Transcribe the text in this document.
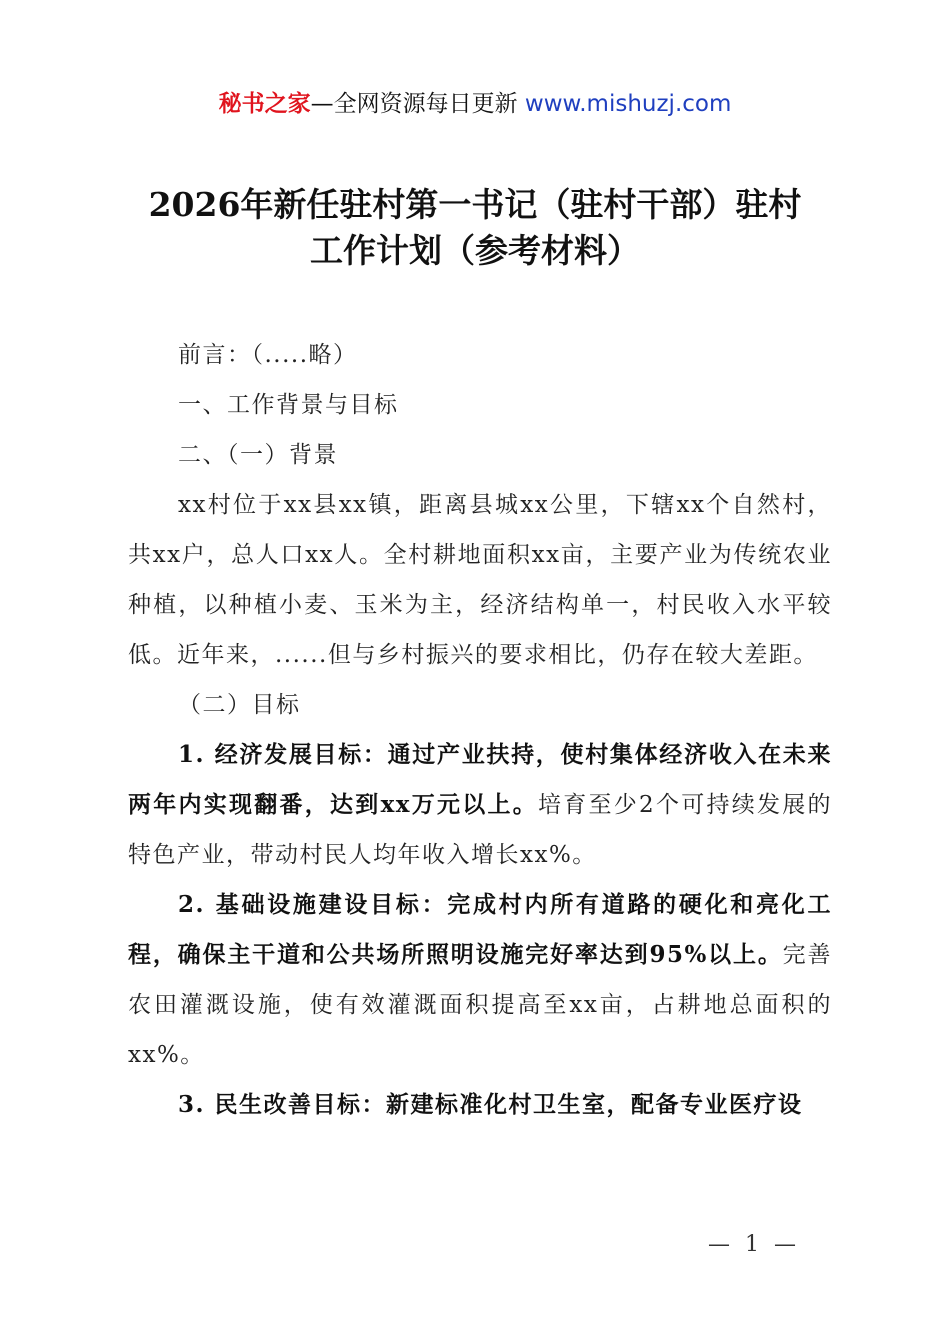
秘书之家—全网资源每日更新 www.mishuzj.com
2026年新任驻村第一书记（驻村干部）驻村
工作计划（参考材料）

前言：（.....略）

一、工作背景与目标

二、（一）背景

xx村位于xx县xx镇，距离县城xx公里，下辖xx个自然村，共xx户，总人口xx人。全村耕地面积xx亩，主要产业为传统农业种植，以种植小麦、玉米为主，经济结构单一，村民收入水平较低。近年来，......但与乡村振兴的要求相比，仍存在较大差距。

（二）目标

1. 经济发展目标：通过产业扶持，使村集体经济收入在未来两年内实现翻番，达到xx万元以上。培育至少2个可持续发展的特色产业，带动村民人均年收入增长xx%。

2. 基础设施建设目标：完成村内所有道路的硬化和亮化工程，确保主干道和公共场所照明设施完好率达到95%以上。完善农田灌溉设施，使有效灌溉面积提高至xx亩，占耕地总面积的xx%。

3. 民生改善目标：新建标准化村卫生室，配备专业医疗设

— 1 —
